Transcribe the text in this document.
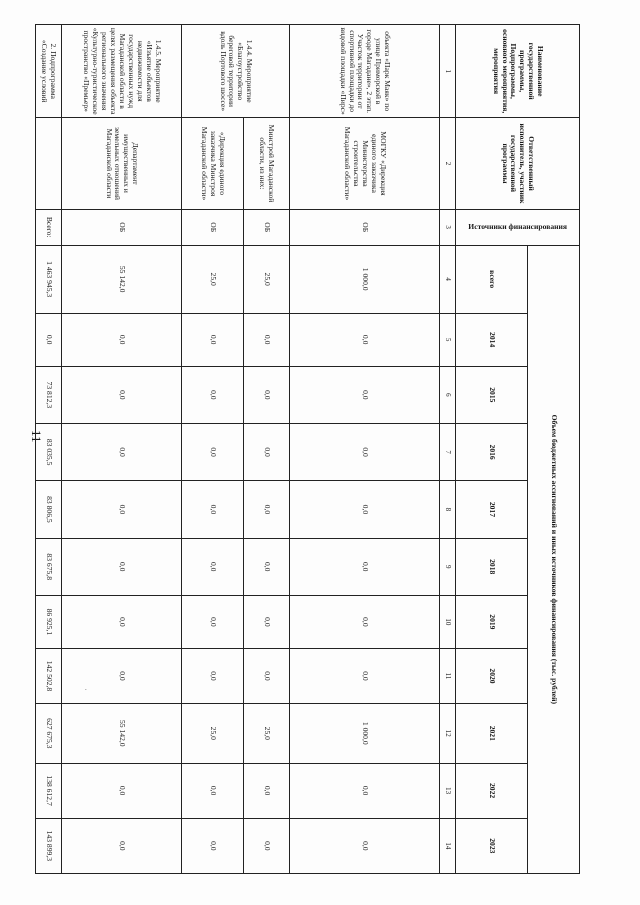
11
.
Наименование государственной программы, Подпрограммы, основного мероприятия, мероприятия	Ответственный исполнитель, участник государственной программы	Источники финансирования	Объем бюджетных ассигнований и иных источников финансирования (тыс. рублей)										
			всего	2014	2015	2016	2017	2018	2019	2020	2021	2022	2023
1	2	3	4	5	6	7	8	9	10	11	12	13	14
объекта «Парк Маяк» по улице Приморской в городе Магадане», 2 этап. Участок территории от спортивной площадки до видовой площадки «Пирс»	МОГКУ «Дирекция единого заказчика Министерства строительства Магаданской области»	ОБ	1 000,0	0,0	0,0	0,0	0,0	0,0	0,0	0,0	1 000,0	0,0	0,0
1.4.4. Мероприятие «Благоустройство береговой территории вдоль Портового шоссе»	Минстрой Магаданской области, из них:	ОБ	25,0	0,0	0,0	0,0	0,0	0,0	0,0	0,0	25,0	0,0	0,0
	«Дирекция единого заказчика Минстроя Магаданской области»	ОБ	25,0	0,0	0,0	0,0	0,0	0,0	0,0	0,0	25,0	0,0	0,0
1.4.5. Мероприятие «Изъятие объектов недвижимости для государственных нужд Магаданской области в целях размещения объекта регионального значения «Культурно-туристическое пространство «Премьер»	Департамент имущественных и земельных отношений Магаданской области	ОБ	55 142,0	0,0	0,0	0,0	0,0	0,0	0,0	0,0	55 142,0	0,0	0,0
2. Подпрограмма «Создание условий		Всего:	1 463 945,3	0,0	73 812,3	83 035,5	83 806,5	83 675,8	86 925,1	142 502,8	627 675,3	138 612,7	143 899,3
